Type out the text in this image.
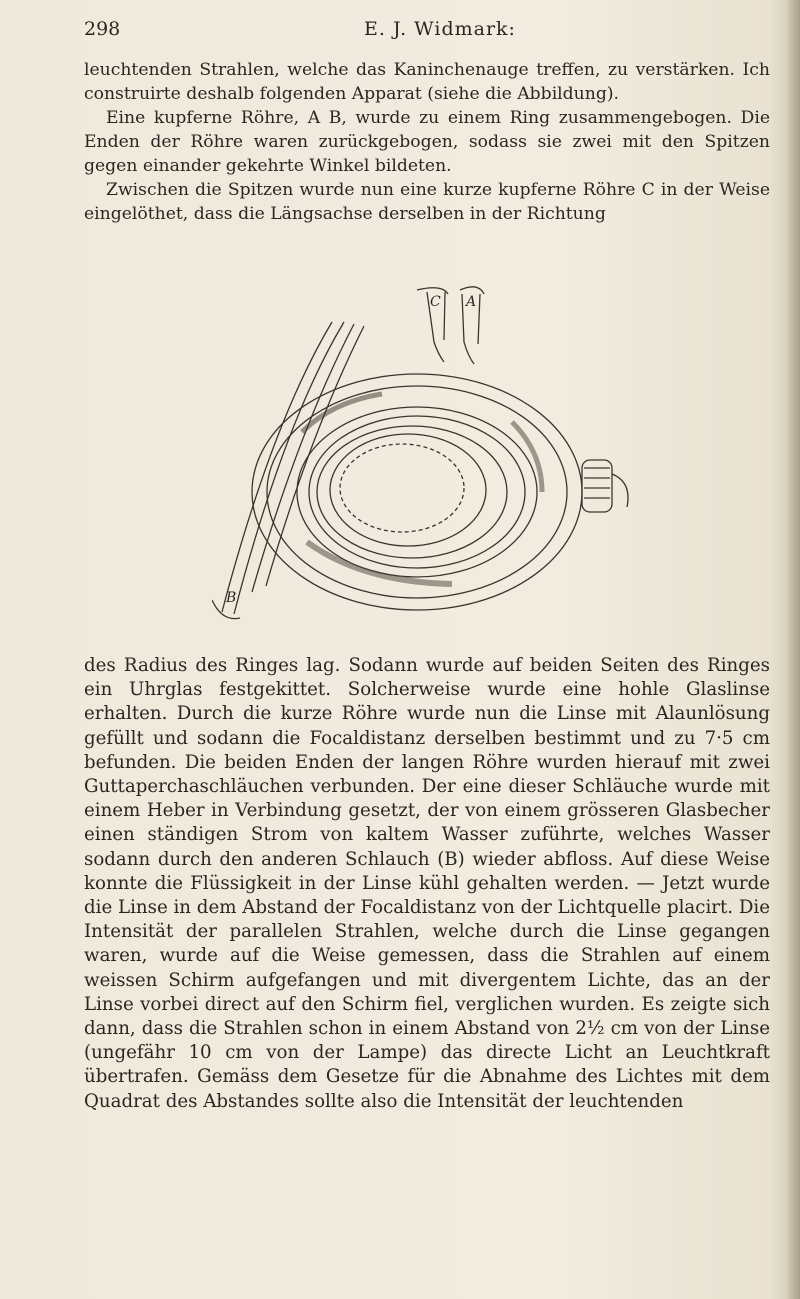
298	E. J. Widmark:

leuchtenden Strahlen, welche das Kaninchenauge treffen, zu verstärken. Ich construirte deshalb folgenden Apparat (siehe die Abbildung).

Eine kupferne Röhre, A B, wurde zu einem Ring zusammengebogen. Die Enden der Röhre waren zurückgebogen, sodass sie zwei mit den Spitzen gegen einander gekehrte Winkel bildeten.

Zwischen die Spitzen wurde nun eine kurze kupferne Röhre C in der Weise eingelöthet, dass die Längsachse derselben in der Richtung

C A
B

des Radius des Ringes lag. Sodann wurde auf beiden Seiten des Ringes ein Uhrglas festgekittet. Solcherweise wurde eine hohle Glaslinse erhalten. Durch die kurze Röhre wurde nun die Linse mit Alaunlösung gefüllt und sodann die Focaldistanz derselben bestimmt und zu 7·5 cm befunden. Die beiden Enden der langen Röhre wurden hierauf mit zwei Guttaperchaschläuchen verbunden. Der eine dieser Schläuche wurde mit einem Heber in Verbindung gesetzt, der von einem grösseren Glasbecher einen ständigen Strom von kaltem Wasser zuführte, welches Wasser sodann durch den anderen Schlauch (B) wieder abfloss. Auf diese Weise konnte die Flüssigkeit in der Linse kühl gehalten werden. — Jetzt wurde die Linse in dem Abstand der Focaldistanz von der Lichtquelle placirt. Die Intensität der parallelen Strahlen, welche durch die Linse gegangen waren, wurde auf die Weise gemessen, dass die Strahlen auf einem weissen Schirm aufgefangen und mit divergentem Lichte, das an der Linse vorbei direct auf den Schirm fiel, verglichen wurden. Es zeigte sich dann, dass die Strahlen schon in einem Abstand von 2½ cm von der Linse (ungefähr 10 cm von der Lampe) das directe Licht an Leuchtkraft übertrafen. Gemäss dem Gesetze für die Abnahme des Lichtes mit dem Quadrat des Abstandes sollte also die Intensität der leuchtenden
